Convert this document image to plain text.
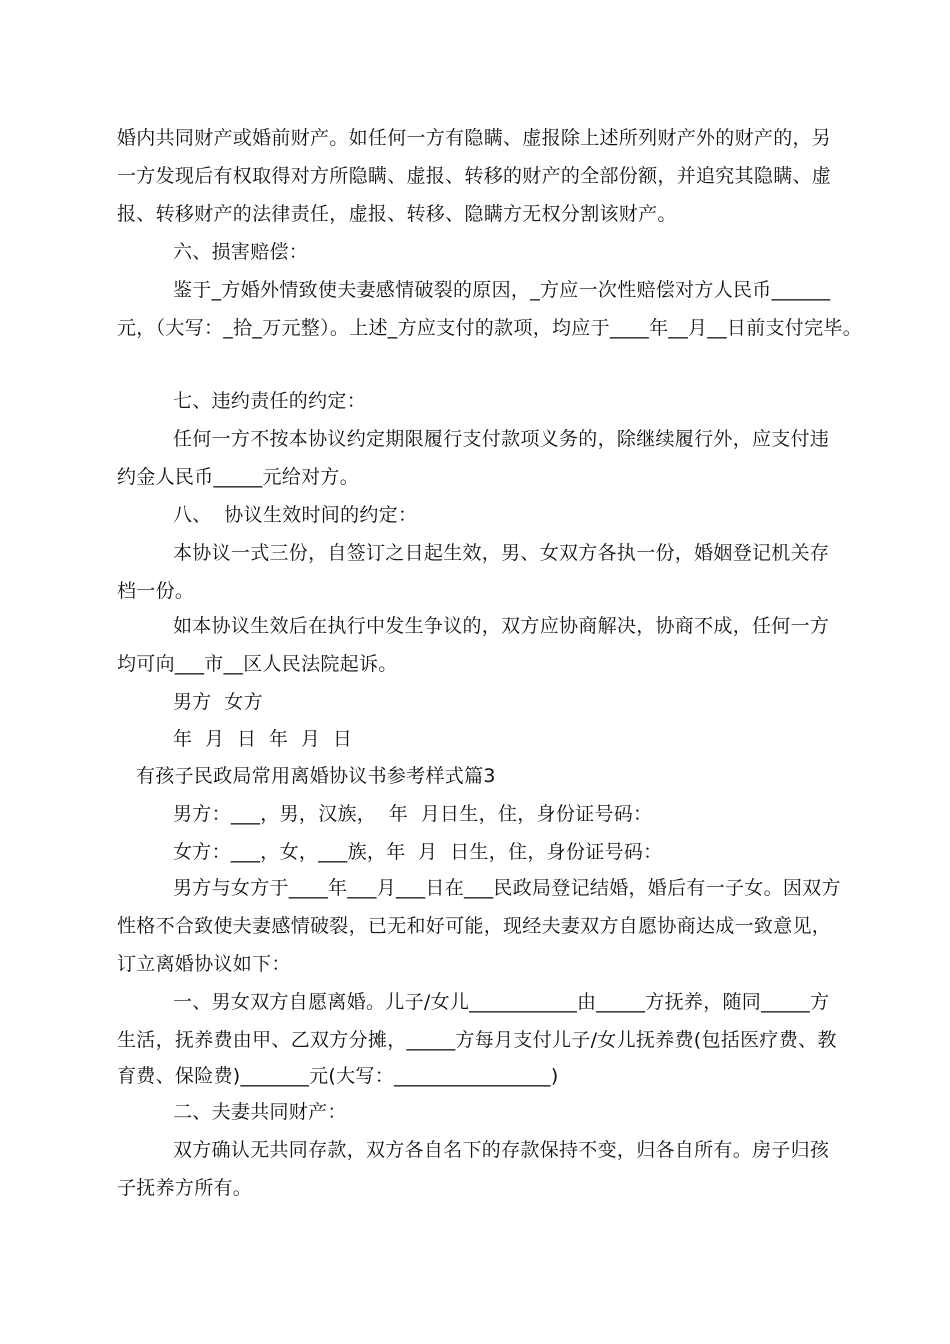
婚内共同财产或婚前财产。如任何一方有隐瞒、虚报除上述所列财产外的财产的，另
一方发现后有权取得对方所隐瞒、虚报、转移的财产的全部份额，并追究其隐瞒、虚
报、转移财产的法律责任，虚报、转移、隐瞒方无权分割该财产。
六、损害赔偿：
鉴于_方婚外情致使夫妻感情破裂的原因，_方应一次性赔偿对方人民币______
元，（大写：_拾_万元整）。上述_方应支付的款项，均应于____年__月__日前支付完毕。
七、违约责任的约定：
任何一方不按本协议约定期限履行支付款项义务的，除继续履行外，应支付违
约金人民币_____元给对方。
八、  协议生效时间的约定：
本协议一式三份，自签订之日起生效，男、女双方各执一份，婚姻登记机关存
档一份。
如本协议生效后在执行中发生争议的，双方应协商解决，协商不成，任何一方
均可向___市__区人民法院起诉。
男方  女方
年  月  日  年  月  日
有孩子民政局常用离婚协议书参考样式篇3
男方：___，男，汉族，  年  月日生，住，身份证号码：
女方：___，女，___族，年  月  日生，住，身份证号码：
男方与女方于____年___月___日在___民政局登记结婚，婚后有一子女。因双方
性格不合致使夫妻感情破裂，已无和好可能，现经夫妻双方自愿协商达成一致意见，
订立离婚协议如下：
一、男女双方自愿离婚。儿子/女儿___________由_____方抚养，随同_____方
生活，抚养费由甲、乙双方分摊，_____方每月支付儿子/女儿抚养费(包括医疗费、教
育费、保险费)_______元(大写：________________)
二、夫妻共同财产：
双方确认无共同存款，双方各自名下的存款保持不变，归各自所有。房子归孩
子抚养方所有。
